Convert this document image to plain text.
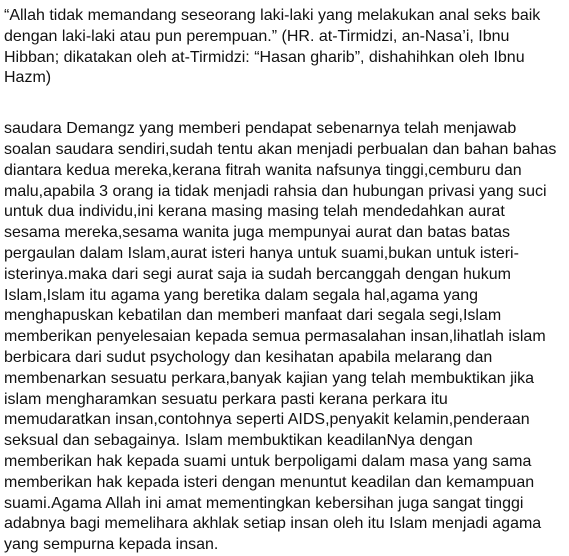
“Allah tidak memandang seseorang laki-laki yang melakukan anal seks baik
dengan laki-laki atau pun perempuan.” (HR. at-Tirmidzi, an-Nasa’i, Ibnu
Hibban; dikatakan oleh at-Tirmidzi: “Hasan gharib”, dishahihkan oleh Ibnu
Hazm)
saudara Demangz yang memberi pendapat sebenarnya telah menjawab
soalan saudara sendiri,sudah tentu akan menjadi perbualan dan bahan bahas
diantara kedua mereka,kerana fitrah wanita nafsunya tinggi,cemburu dan
malu,apabila 3 orang ia tidak menjadi rahsia dan hubungan privasi yang suci
untuk dua individu,ini kerana masing masing telah mendedahkan aurat
sesama mereka,sesama wanita juga mempunyai aurat dan batas batas
pergaulan dalam Islam,aurat isteri hanya untuk suami,bukan untuk isteri-
isterinya.maka dari segi aurat saja ia sudah bercanggah dengan hukum
Islam,Islam itu agama yang beretika dalam segala hal,agama yang
menghapuskan kebatilan dan memberi manfaat dari segala segi,Islam
memberikan penyelesaian kepada semua permasalahan insan,lihatlah islam
berbicara dari sudut psychology dan kesihatan apabila melarang dan
membenarkan sesuatu perkara,banyak kajian yang telah membuktikan jika
islam mengharamkan sesuatu perkara pasti kerana perkara itu
memudaratkan insan,contohnya seperti AIDS,penyakit kelamin,penderaan
seksual dan sebagainya. Islam membuktikan keadilanNya dengan
memberikan hak kepada suami untuk berpoligami dalam masa yang sama
memberikan hak kepada isteri dengan menuntut keadilan dan kemampuan
suami.Agama Allah ini amat mementingkan kebersihan juga sangat tinggi
adabnya bagi memelihara akhlak setiap insan oleh itu Islam menjadi agama
yang sempurna kepada insan.
